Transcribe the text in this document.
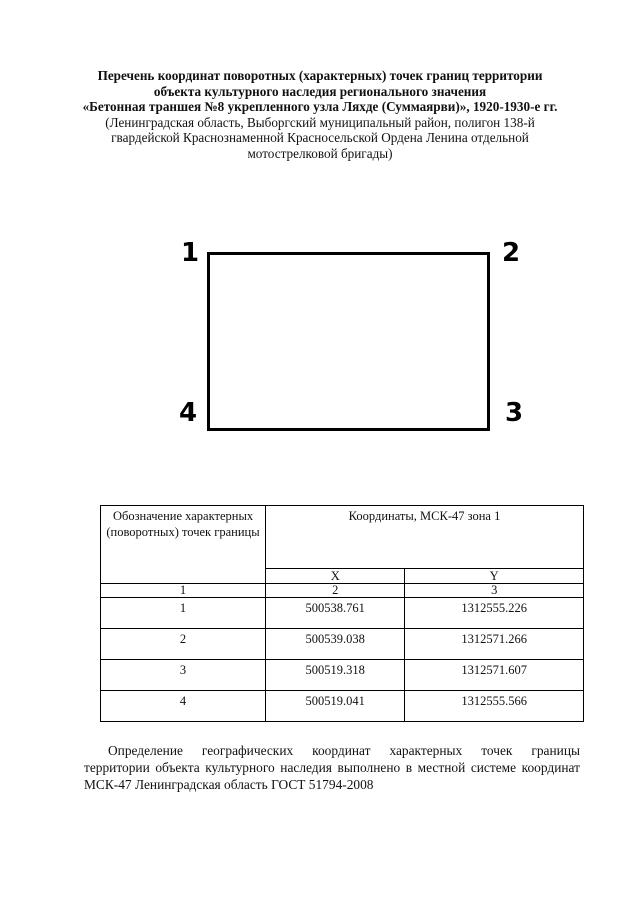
Перечень координат поворотных (характерных) точек границ территории
объекта культурного наследия регионального значения
«Бетонная траншея №8 укрепленного узла Ляхде (Суммаярви)», 1920-1930-е гг.
(Ленинградская область, Выборгский муниципальный район, полигон 138-й
гвардейской Краснознаменной Красносельской Ордена Ленина отдельной
мотострелковой бригады)
1	2
3
4
Обозначение характерных (поворотных) точек границы	Координаты, МСК-47 зона 1	
	X	Y
1	2	3
1	500538.761	1312555.226
2	500539.038	1312571.266
3	500519.318	1312571.607
4	500519.041	1312555.566
Определение географических координат характерных точек границы
территории объекта культурного наследия выполнено в местной системе координат МСК-47 Ленинградская область ГОСТ 51794-2008
